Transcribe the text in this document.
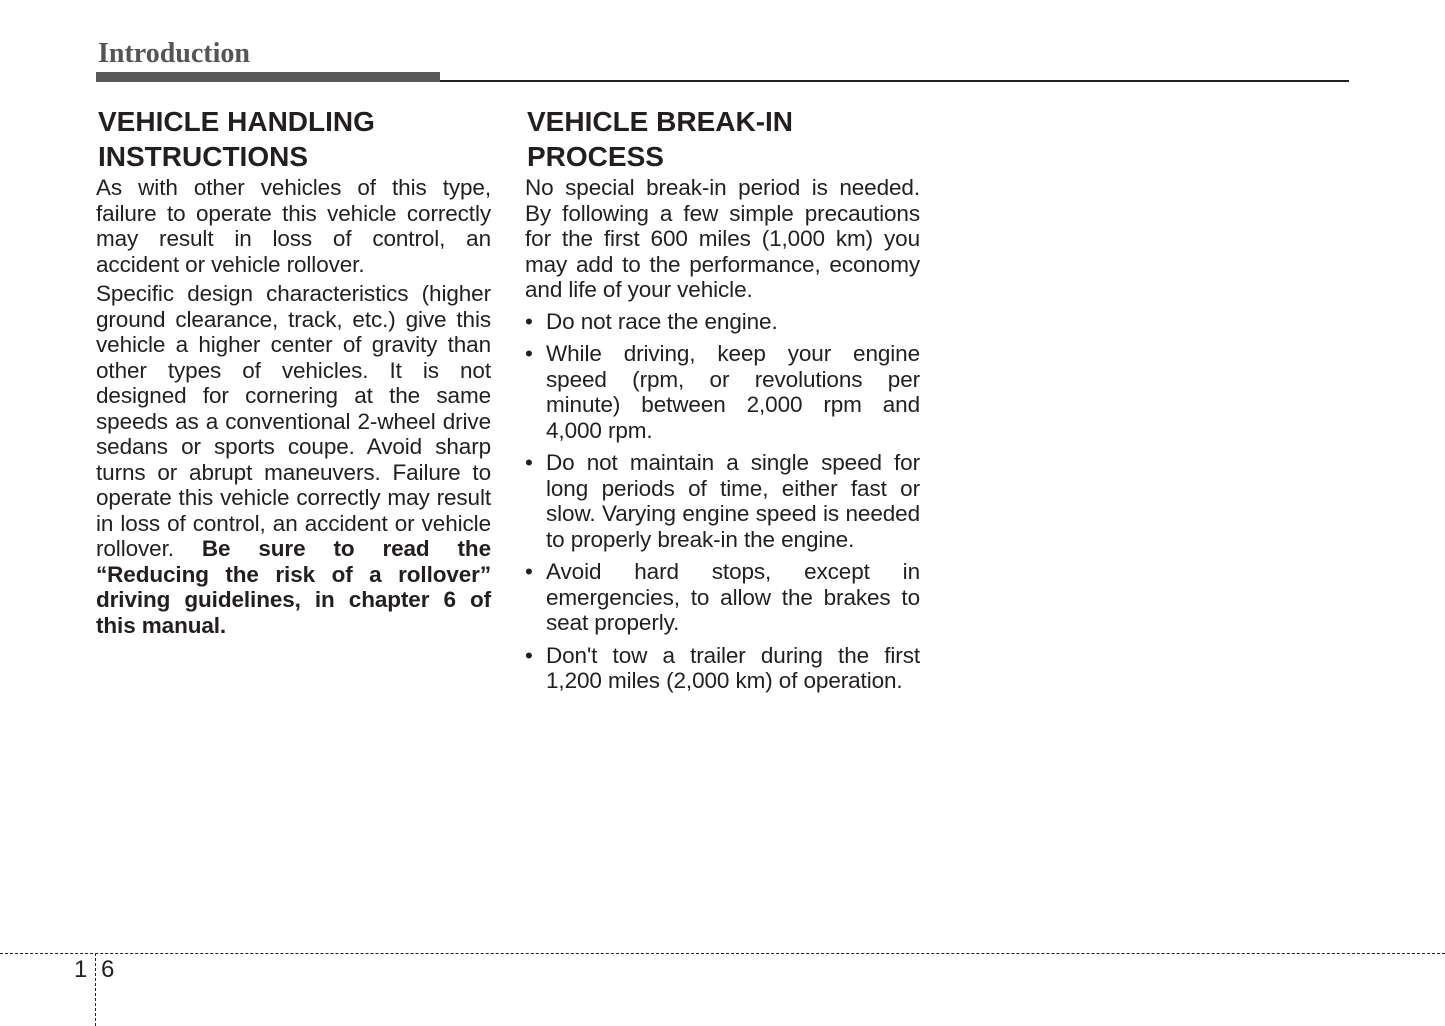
Introduction
VEHICLE HANDLING
INSTRUCTIONS

As with other vehicles of this type, failure to operate this vehicle correctly may result in loss of control, an accident or vehicle rollover.

Specific design characteristics (higher ground clearance, track, etc.) give this vehicle a higher center of gravity than other types of vehicles. It is not designed for cornering at the same speeds as a conventional 2-wheel drive sedans or sports coupe. Avoid sharp turns or abrupt maneuvers. Failure to operate this vehicle correctly may result in loss of control, an accident or vehicle rollover. Be sure to read the “Reducing the risk of a rollover” driving guidelines, in chapter 6 of this manual.

VEHICLE BREAK-IN
PROCESS

No special break-in period is needed. By following a few simple precautions for the first 600 miles (1,000 km) you may add to the performance, economy and life of your vehicle.

• Do not race the engine.
• While driving, keep your engine speed (rpm, or revolutions per minute) between 2,000 rpm and 4,000 rpm.
• Do not maintain a single speed for long periods of time, either fast or slow. Varying engine speed is needed to properly break-in the engine.
• Avoid hard stops, except in emergencies, to allow the brakes to seat properly.
• Don't tow a trailer during the first 1,200 miles (2,000 km) of operation.
1 6
